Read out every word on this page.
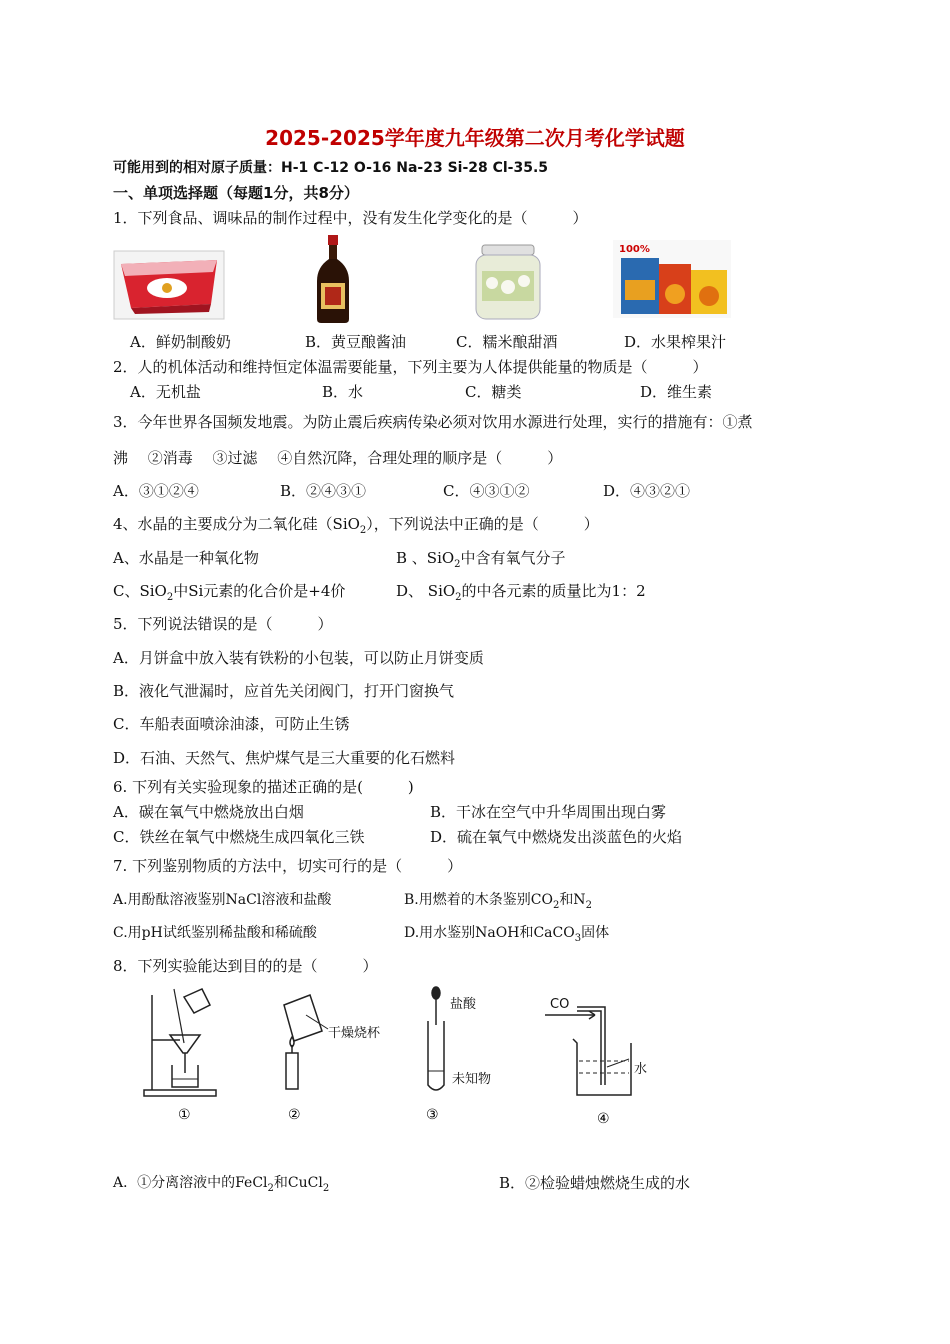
2025-2025学年度九年级第二次月考化学试题
可能用到的相对原子质量：H-1 C-12 O-16 Na-23 Si-28 Cl-35.5
一、单项选择题（每题1分，共8分）
1．下列食品、调味品的制作过程中，没有发生化学变化的是（　　　）
100%
A．鲜奶制酸奶	B．黄豆酿酱油	C．糯米酿甜酒	D．水果榨果汁
2．人的机体活动和维持恒定体温需要能量，下列主要为人体提供能量的物质是（　　　）
A．无机盐	B．水	C．糖类	D．维生素
3．今年世界各国频发地震。为防止震后疾病传染必须对饮用水源进行处理，实行的措施有：①煮
沸　 ②消毒　 ③过滤　 ④自然沉降，合理处理的顺序是（　　　）
A．③①②④	B．②④③①	C．④③①②	D．④③②①
4、水晶的主要成分为二氧化硅（SiO$_2$），下列说法中正确的是（　　　）
A、水晶是一种氧化物	B 、SiO$_2$中含有氧气分子
C、SiO$_2$中Si元素的化合价是+4价	D、 SiO$_2$的中各元素的质量比为1：2
5．下列说法错误的是（　　　）
A．月饼盒中放入装有铁粉的小包装，可以防止月饼变质
B．液化气泄漏时，应首先关闭阀门，打开门窗换气
C．车船表面喷涂油漆，可防止生锈
D．石油、天然气、焦炉煤气是三大重要的化石燃料
6. 下列有关实验现象的描述正确的是(　　　)
A．碳在氧气中燃烧放出白烟	B．干冰在空气中升华周围出现白雾
C．铁丝在氧气中燃烧生成四氧化三铁	D．硫在氧气中燃烧发出淡蓝色的火焰
7. 下列鉴别物质的方法中，切实可行的是（　　　）
A.用酚酞溶液鉴别NaCl溶液和盐酸	B.用燃着的木条鉴别$CO_2$和$N_2$
C.用pH试纸鉴别稀盐酸和稀硫酸	D.用水鉴别NaOH和CaCO$_3$固体
8．下列实验能达到目的的是（　　　）
①	②
干燥烧杯
③
盐酸
未知物
④
CO
水
A．①分离溶液中的FeCl$_2$和CuCl$_2$	B．②检验蜡烛燃烧生成的水
